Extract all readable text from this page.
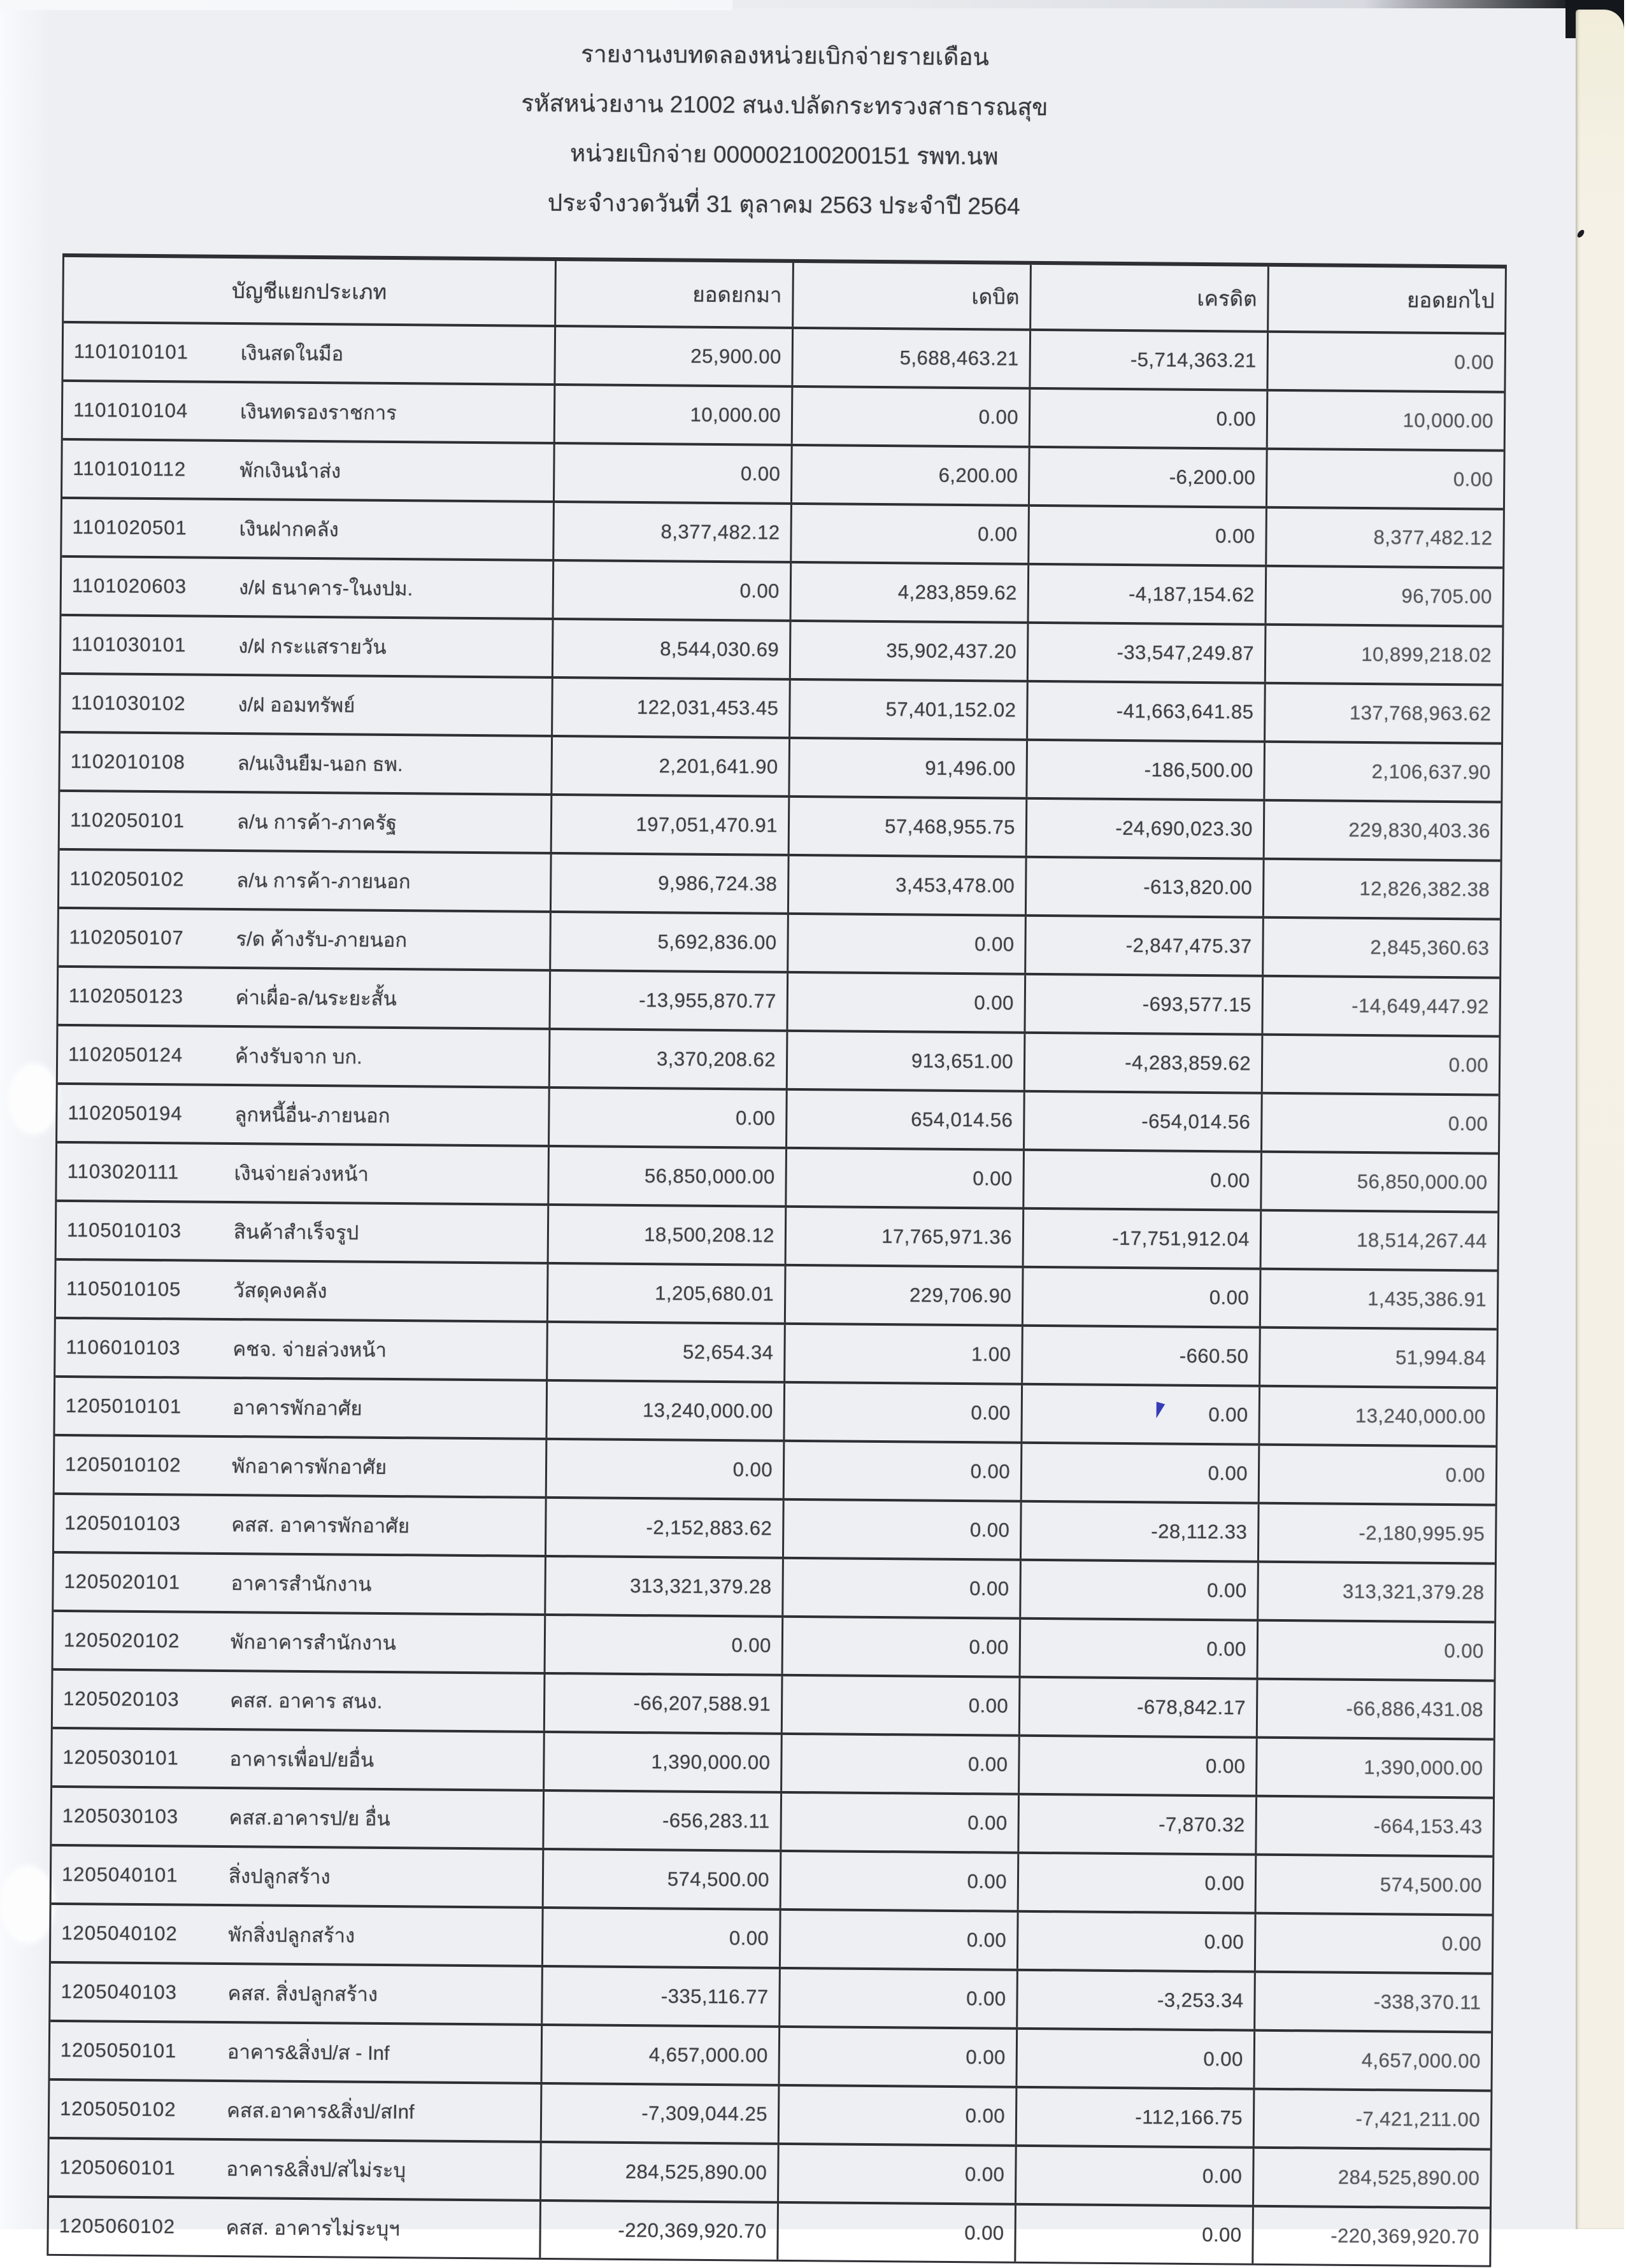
รายงานงบทดลองหน่วยเบิกจ่ายรายเดือน
รหัสหน่วยงาน 21002 สนง.ปลัดกระทรวงสาธารณสุข
หน่วยเบิกจ่าย 000002100200151 รพท.นพ
ประจำงวดวันที่ 31 ตุลาคม 2563 ประจำปี 2564
บัญชีแยกประเภท	ยอดยกมา	เดบิต	เครดิต	ยอดยกไป
1101010101	เงินสดในมือ	25,900.00	5,688,463.21	-5,714,363.21	0.00
1101010104	เงินทดรองราชการ	10,000.00	0.00	0.00	10,000.00
1101010112	พักเงินนำส่ง	0.00	6,200.00	-6,200.00	0.00
1101020501	เงินฝากคลัง	8,377,482.12	0.00	0.00	8,377,482.12
1101020603	ง/ฝ ธนาคาร-ในงปม.	0.00	4,283,859.62	-4,187,154.62	96,705.00
1101030101	ง/ฝ กระแสรายวัน	8,544,030.69	35,902,437.20	-33,547,249.87	10,899,218.02
1101030102	ง/ฝ ออมทรัพย์	122,031,453.45	57,401,152.02	-41,663,641.85	137,768,963.62
1102010108	ล/นเงินยืม-นอก ธพ.	2,201,641.90	91,496.00	-186,500.00	2,106,637.90
1102050101	ล/น การค้า-ภาครัฐ	197,051,470.91	57,468,955.75	-24,690,023.30	229,830,403.36
1102050102	ล/น การค้า-ภายนอก	9,986,724.38	3,453,478.00	-613,820.00	12,826,382.38
1102050107	ร/ด ค้างรับ-ภายนอก	5,692,836.00	0.00	-2,847,475.37	2,845,360.63
1102050123	ค่าเผื่อ-ล/นระยะสั้น	-13,955,870.77	0.00	-693,577.15	-14,649,447.92
1102050124	ค้างรับจาก บก.	3,370,208.62	913,651.00	-4,283,859.62	0.00
1102050194	ลูกหนี้อื่น-ภายนอก	0.00	654,014.56	-654,014.56	0.00
1103020111	เงินจ่ายล่วงหน้า	56,850,000.00	0.00	0.00	56,850,000.00
1105010103	สินค้าสำเร็จรูป	18,500,208.12	17,765,971.36	-17,751,912.04	18,514,267.44
1105010105	วัสดุคงคลัง	1,205,680.01	229,706.90	0.00	1,435,386.91
1106010103	คชจ. จ่ายล่วงหน้า	52,654.34	1.00	-660.50	51,994.84
1205010101	อาคารพักอาศัย	13,240,000.00	0.00	0.00	13,240,000.00
1205010102	พักอาคารพักอาศัย	0.00	0.00	0.00	0.00
1205010103	คสส. อาคารพักอาศัย	-2,152,883.62	0.00	-28,112.33	-2,180,995.95
1205020101	อาคารสำนักงาน	313,321,379.28	0.00	0.00	313,321,379.28
1205020102	พักอาคารสำนักงาน	0.00	0.00	0.00	0.00
1205020103	คสส. อาคาร สนง.	-66,207,588.91	0.00	-678,842.17	-66,886,431.08
1205030101	อาคารเพื่อป/ยอื่น	1,390,000.00	0.00	0.00	1,390,000.00
1205030103	คสส.อาคารป/ย อื่น	-656,283.11	0.00	-7,870.32	-664,153.43
1205040101	สิ่งปลูกสร้าง	574,500.00	0.00	0.00	574,500.00
1205040102	พักสิ่งปลูกสร้าง	0.00	0.00	0.00	0.00
1205040103	คสส. สิ่งปลูกสร้าง	-335,116.77	0.00	-3,253.34	-338,370.11
1205050101	อาคาร&สิ่งป/ส - Inf	4,657,000.00	0.00	0.00	4,657,000.00
1205050102	คสส.อาคาร&สิ่งป/สInf	-7,309,044.25	0.00	-112,166.75	-7,421,211.00
1205060101	อาคาร&สิ่งป/สไม่ระบุ	284,525,890.00	0.00	0.00	284,525,890.00
1205060102	คสส. อาคารไม่ระบุฯ	-220,369,920.70	0.00	0.00	-220,369,920.70
